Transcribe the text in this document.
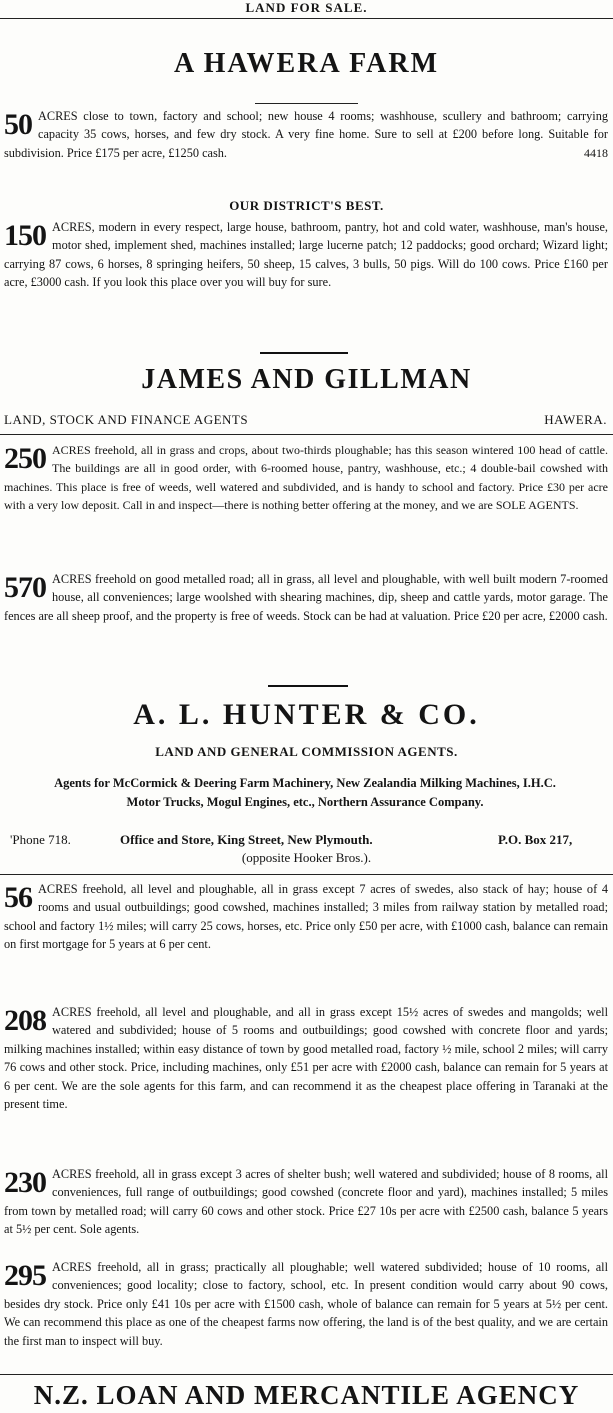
LAND FOR SALE.
A HAWERA FARM
50 ACRES close to town, factory and school; new house 4 rooms; washhouse, scullery and bathroom; carrying capacity 35 cows, horses, and few dry stock. A very fine home. Sure to sell at £200 before long. Suitable for subdivision. Price £175 per acre, £1250 cash.	4418
OUR DISTRICT'S BEST.
150 ACRES, modern in every respect, large house, bathroom, pantry, hot and cold water, washhouse, man's house, motor shed, implement shed, machines installed; large lucerne patch; 12 paddocks; good orchard; Wizard light; carrying 87 cows, 6 horses, 8 springing heifers, 50 sheep, 15 calves, 3 bulls, 50 pigs. Will do 100 cows. Price £160 per acre, £3000 cash. If you look this place over you will buy for sure.
JAMES AND GILLMAN
LAND, STOCK AND FINANCE AGENTS	HAWERA.
250 ACRES freehold, all in grass and crops, about two-thirds ploughable; has this season wintered 100 head of cattle. The buildings are all in good order, with 6-roomed house, pantry, washhouse, etc.; 4 double-bail cowshed with machines. This place is free of weeds, well watered and subdivided, and is handy to school and factory. Price £30 per acre with a very low deposit. Call in and inspect—there is nothing better offering at the money, and we are SOLE AGENTS.
570 ACRES freehold on good metalled road; all in grass, all level and ploughable, with well built modern 7-roomed house, all conveniences; large woolshed with shearing machines, dip, sheep and cattle yards, motor garage. The fences are all sheep proof, and the property is free of weeds. Stock can be had at valuation. Price £20 per acre, £2000 cash.
A. L. HUNTER & CO.
LAND AND GENERAL COMMISSION AGENTS.
Agents for McCormick & Deering Farm Machinery, New Zealandia Milking Machines, I.H.C. Motor Trucks, Mogul Engines, etc., Northern Assurance Company.
'Phone 718.	Office and Store, King Street, New Plymouth.	P.O. Box 217,
(opposite Hooker Bros.).
56 ACRES freehold, all level and ploughable, all in grass except 7 acres of swedes, also stack of hay; house of 4 rooms and usual outbuildings; good cowshed, machines installed; 3 miles from railway station by metalled road; school and factory 1½ miles; will carry 25 cows, horses, etc. Price only £50 per acre, with £1000 cash, balance can remain on first mortgage for 5 years at 6 per cent.
208 ACRES freehold, all level and ploughable, and all in grass except 15½ acres of swedes and mangolds; well watered and subdivided; house of 5 rooms and outbuildings; good cowshed with concrete floor and yards; milking machines installed; within easy distance of town by good metalled road, factory ½ mile, school 2 miles; will carry 76 cows and other stock. Price, including machines, only £51 per acre with £2000 cash, balance can remain for 5 years at 6 per cent. We are the sole agents for this farm, and can recommend it as the cheapest place offering in Taranaki at the present time.
230 ACRES freehold, all in grass except 3 acres of shelter bush; well watered and subdivided; house of 8 rooms, all conveniences, full range of outbuildings; good cowshed (concrete floor and yard), machines installed; 5 miles from town by metalled road; will carry 60 cows and other stock. Price £27 10s per acre with £2500 cash, balance 5 years at 5½ per cent. Sole agents.
295 ACRES freehold, all in grass; practically all ploughable; well watered subdivided; house of 10 rooms, all conveniences; good locality; close to factory, school, etc. In present condition would carry about 90 cows, besides dry stock. Price only £41 10s per acre with £1500 cash, whole of balance can remain for 5 years at 5½ per cent. We can recommend this place as one of the cheapest farms now offering, the land is of the best quality, and we are certain the first man to inspect will buy.
N.Z. LOAN AND MERCANTILE AGENCY
